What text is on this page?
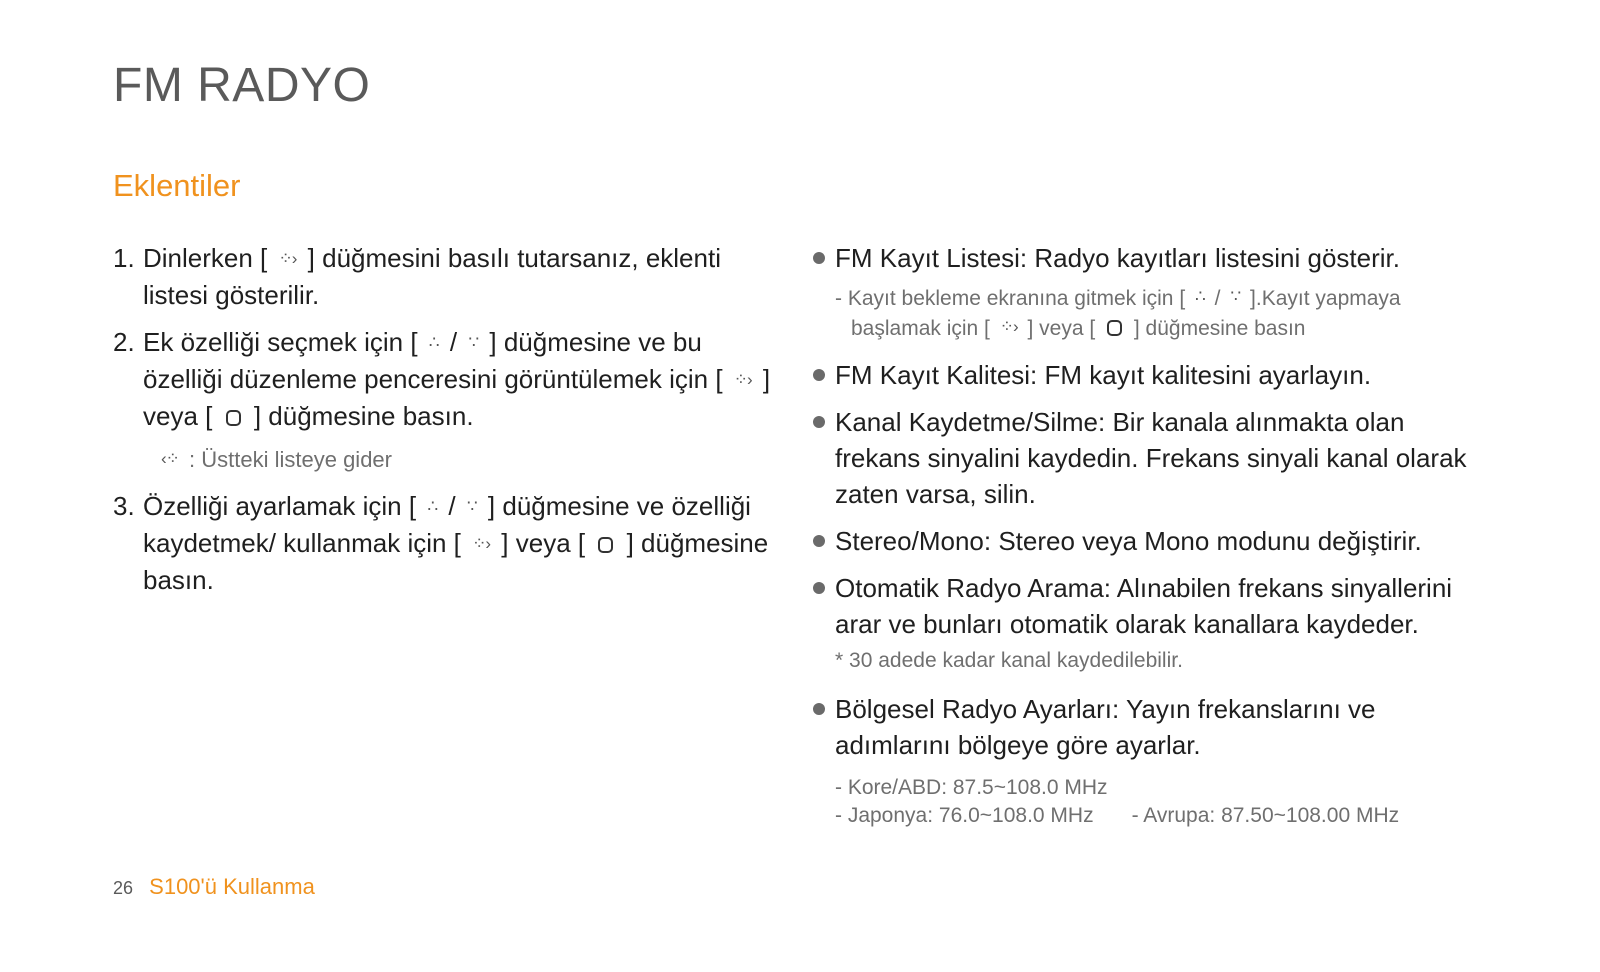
FM RADYO
Eklentiler
1. Dinlerken [ ⁘› ] düğmesini basılı tutarsanız, eklenti listesi gösterilir.
2. Ek özelliği seçmek için [ ∴ / ∵ ] düğmesine ve bu özelliği düzenleme penceresini görüntülemek için [ ⁘› ] veya [ ] düğmesine basın.
‹⁘ : Üstteki listeye gider
3. Özelliği ayarlamak için [ ∴ / ∵ ] düğmesine ve özelliği kaydetmek/ kullanmak için [ ⁘› ] veya [ ] düğmesine basın.
FM Kayıt Listesi: Radyo kayıtları listesini gösterir.
- Kayıt bekleme ekranına gitmek için [ ∴ / ∵ ].Kayıt yapmaya
başlamak için [ ⁘› ] veya [ ] düğmesine basın
FM Kayıt Kalitesi: FM kayıt kalitesini ayarlayın.
Kanal Kaydetme/Silme: Bir kanala alınmakta olan frekans sinyalini kaydedin. Frekans sinyali kanal olarak zaten varsa, silin.
Stereo/Mono: Stereo veya Mono modunu değiştirir.
Otomatik Radyo Arama: Alınabilen frekans sinyallerini arar ve bunları otomatik olarak kanallara kaydeder.
* 30 adede kadar kanal kaydedilebilir.
Bölgesel Radyo Ayarları: Yayın frekanslarını ve adımlarını bölgeye göre ayarlar.
- Kore/ABD: 87.5~108.0 MHz
- Japonya: 76.0~108.0 MHz - Avrupa: 87.50~108.00 MHz
26 S100'ü Kullanma
